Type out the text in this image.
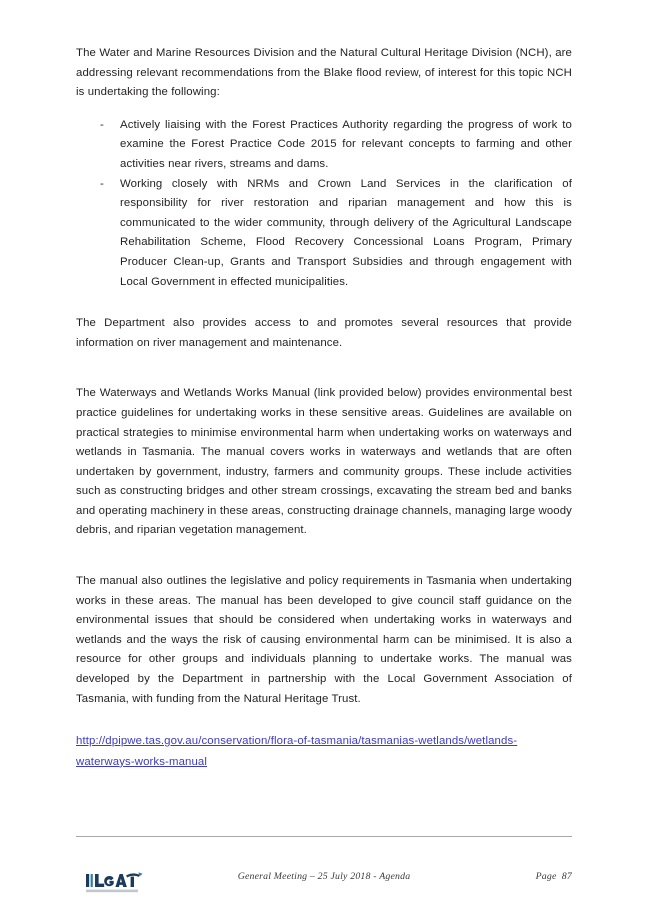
The Water and Marine Resources Division and the Natural Cultural Heritage Division (NCH), are addressing relevant recommendations from the Blake flood review, of interest for this topic NCH is undertaking the following:

- Actively liaising with the Forest Practices Authority regarding the progress of work to examine the Forest Practice Code 2015 for relevant concepts to farming and other activities near rivers, streams and dams.
- Working closely with NRMs and Crown Land Services in the clarification of responsibility for river restoration and riparian management and how this is communicated to the wider community, through delivery of the Agricultural Landscape Rehabilitation Scheme, Flood Recovery Concessional Loans Program, Primary Producer Clean-up, Grants and Transport Subsidies and through engagement with Local Government in effected municipalities.

The Department also provides access to and promotes several resources that provide information on river management and maintenance.

The Waterways and Wetlands Works Manual (link provided below) provides environmental best practice guidelines for undertaking works in these sensitive areas. Guidelines are available on practical strategies to minimise environmental harm when undertaking works on waterways and wetlands in Tasmania. The manual covers works in waterways and wetlands that are often undertaken by government, industry, farmers and community groups. These include activities such as constructing bridges and other stream crossings, excavating the stream bed and banks and operating machinery in these areas, constructing drainage channels, managing large woody debris, and riparian vegetation management.

The manual also outlines the legislative and policy requirements in Tasmania when undertaking works in these areas. The manual has been developed to give council staff guidance on the environmental issues that should be considered when undertaking works in waterways and wetlands and the ways the risk of causing environmental harm can be minimised. It is also a resource for other groups and individuals planning to undertake works. The manual was developed by the Department in partnership with the Local Government Association of Tasmania, with funding from the Natural Heritage Trust.

http://dpipwe.tas.gov.au/conservation/flora-of-tasmania/tasmanias-wetlands/wetlands-waterways-works-manual
General Meeting – 25 July 2018 - Agenda	Page  87
